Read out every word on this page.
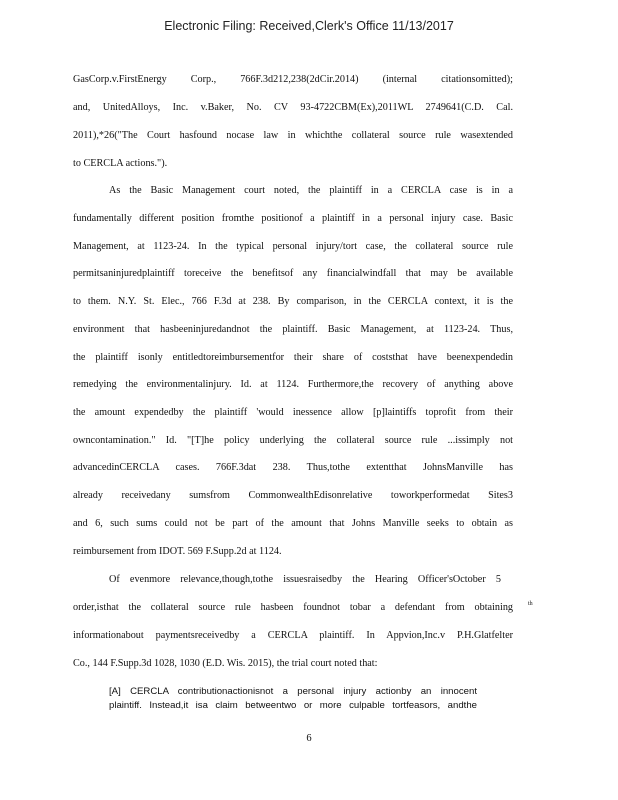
Electronic Filing: Received,Clerk's Office 11/13/2017
GasCorp.v.FirstEnergy Corp., 766F.3d212,238(2dCir.2014) (internal citationsomitted);
and, UnitedAlloys, Inc. v.Baker, No. CV 93-4722CBM(Ex),2011WL 2749641(C.D. Cal.
2011),*26("The Court hasfound nocase law in whichthe collateral source rule wasextended
to CERCLA actions.").
As the Basic Management court noted, the plaintiff in a CERCLA case is in a
fundamentally different position fromthe positionof a plaintiff in a personal injury case. Basic
Management, at 1123-24. In the typical personal injury/tort case, the collateral source rule
permitsaninjuredplaintiff toreceive the benefitsof any financialwindfall that may be available
to them. N.Y. St. Elec., 766 F.3d at 238. By comparison, in the CERCLA context, it is the
environment that hasbeeninjuredandnot the plaintiff. Basic Management, at 1123-24. Thus,
the plaintiff isonly entitledtoreimbursementfor their share of coststhat have beenexpendedin
remedying the environmentalinjury. Id. at 1124. Furthermore,the recovery of anything above
the amount expendedby the plaintiff 'would inessence allow [p]laintiffs toprofit from their
owncontamination." Id. "[T]he policy underlying the collateral source rule ...issimply not
advancedinCERCLA cases. 766F.3dat 238. Thus,tothe extentthat JohnsManville has
already receivedany sumsfrom CommonwealthEdisonrelative toworkperformedat Sites3
and 6, such sums could not be part of the amount that Johns Manville seeks to obtain as
reimbursement from IDOT. 569 F.Supp.2d at 1124.
Of evenmore relevance,though,tothe issuesraisedby the Hearing Officer'sOctober 5
th
order,isthat the collateral source rule hasbeen foundnot tobar a defendant from obtaining
informationabout paymentsreceivedby a CERCLA plaintiff. In Appvion,Inc.v P.H.Glatfelter
Co., 144 F.Supp.3d 1028, 1030 (E.D. Wis. 2015), the trial court noted that:
[A] CERCLA contributionactionisnot a personal injury actionby an innocent
plaintiff. Instead,it isa claim betweentwo or more culpable tortfeasors, andthe
6
